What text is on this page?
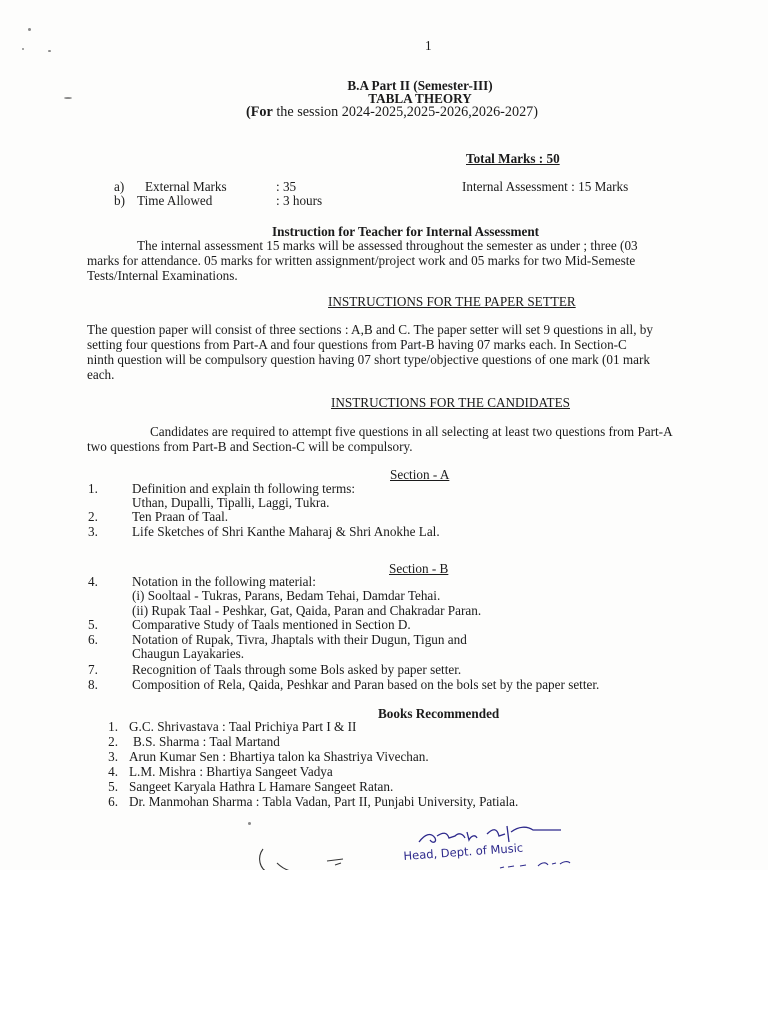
1
B.A Part II (Semester-III)
TABLA THEORY
(For the session 2024-2025,2025-2026,2026-2027)
Total Marks : 50
a) External Marks	: 35	Internal Assessment : 15 Marks
b) Time Allowed	: 3 hours
Instruction for Teacher for Internal Assessment
The internal assessment 15 marks will be assessed throughout the semester as under ; three (03
marks for attendance. 05 marks for written assignment/project work and 05 marks for two Mid-Semeste
Tests/Internal Examinations.
INSTRUCTIONS FOR THE PAPER SETTER
The question paper will consist of three sections : A,B and C. The paper setter will set 9 questions in all, by
setting four questions from Part-A and four questions from Part-B having 07 marks each. In Section-C
ninth question will be compulsory question having 07 short type/objective questions of one mark (01 mark
each.
INSTRUCTIONS FOR THE CANDIDATES
Candidates are required to attempt five questions in all selecting at least two questions from Part-A
two questions from Part-B and Section-C will be compulsory.
Section - A
1.	Definition and explain th following terms:
Uthan, Dupalli, Tipalli, Laggi, Tukra.
2.	Ten Praan of Taal.
3.	Life Sketches of Shri Kanthe Maharaj & Shri Anokhe Lal.
Section - B
4.	Notation in the following material:
(i) Sooltaal - Tukras, Parans, Bedam Tehai, Damdar Tehai.
(ii) Rupak Taal - Peshkar, Gat, Qaida, Paran and Chakradar Paran.
5.	Comparative Study of Taals mentioned in Section D.
6.	Notation of Rupak, Tivra, Jhaptals with their Dugun, Tigun and
Chaugun Layakaries.
7.	Recognition of Taals through some Bols asked by paper setter.
8.	Composition of Rela, Qaida, Peshkar and Paran based on the bols set by the paper setter.
Books Recommended
1. G.C. Shrivastava : Taal Prichiya Part I & II
2. B.S. Sharma : Taal Martand
3. Arun Kumar Sen : Bhartiya talon ka Shastriya Vivechan.
4. L.M. Mishra : Bhartiya Sangeet Vadya
5. Sangeet Karyala Hathra L Hamare Sangeet Ratan.
6. Dr. Manmohan Sharma : Tabla Vadan, Part II, Punjabi University, Patiala.
Head, Dept. of Music
